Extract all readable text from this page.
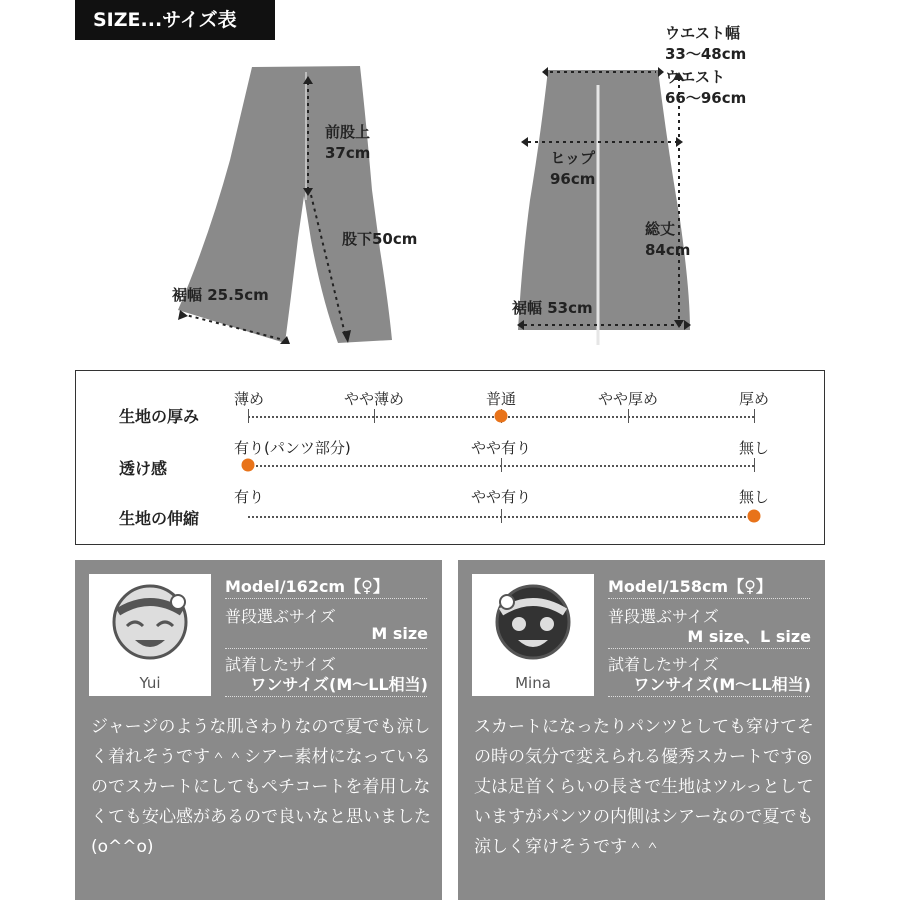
SIZE...サイズ表
前股上
37cm
股下50cm
裾幅 25.5cm
ウエスト幅
33〜48cm
ウエスト
66〜96cm
ヒップ
96cm
総丈
84cm
裾幅 53cm
生地の厚み
薄め	やや薄め	普通	やや厚め	厚め
透け感
有り(パンツ部分)	やや有り	無し
生地の伸縮
有り	やや有り	無し
Yui
Model/162cm【♀】
普段選ぶサイズ
M size
試着したサイズ
ワンサイズ(M〜LL相当)
ジャージのような肌さわりなので夏でも涼しく着れそうです＾＾シアー素材になっているのでスカートにしてもペチコートを着用しなくても安心感があるので良いなと思いました(o^^o)
Mina
Model/158cm【♀】
普段選ぶサイズ
M size、L size
試着したサイズ
ワンサイズ(M〜LL相当)
スカートになったりパンツとしても穿けてその時の気分で変えられる優秀スカートです◎丈は足首くらいの長さで生地はツルっとしていますがパンツの内側はシアーなので夏でも涼しく穿けそうです＾＾
